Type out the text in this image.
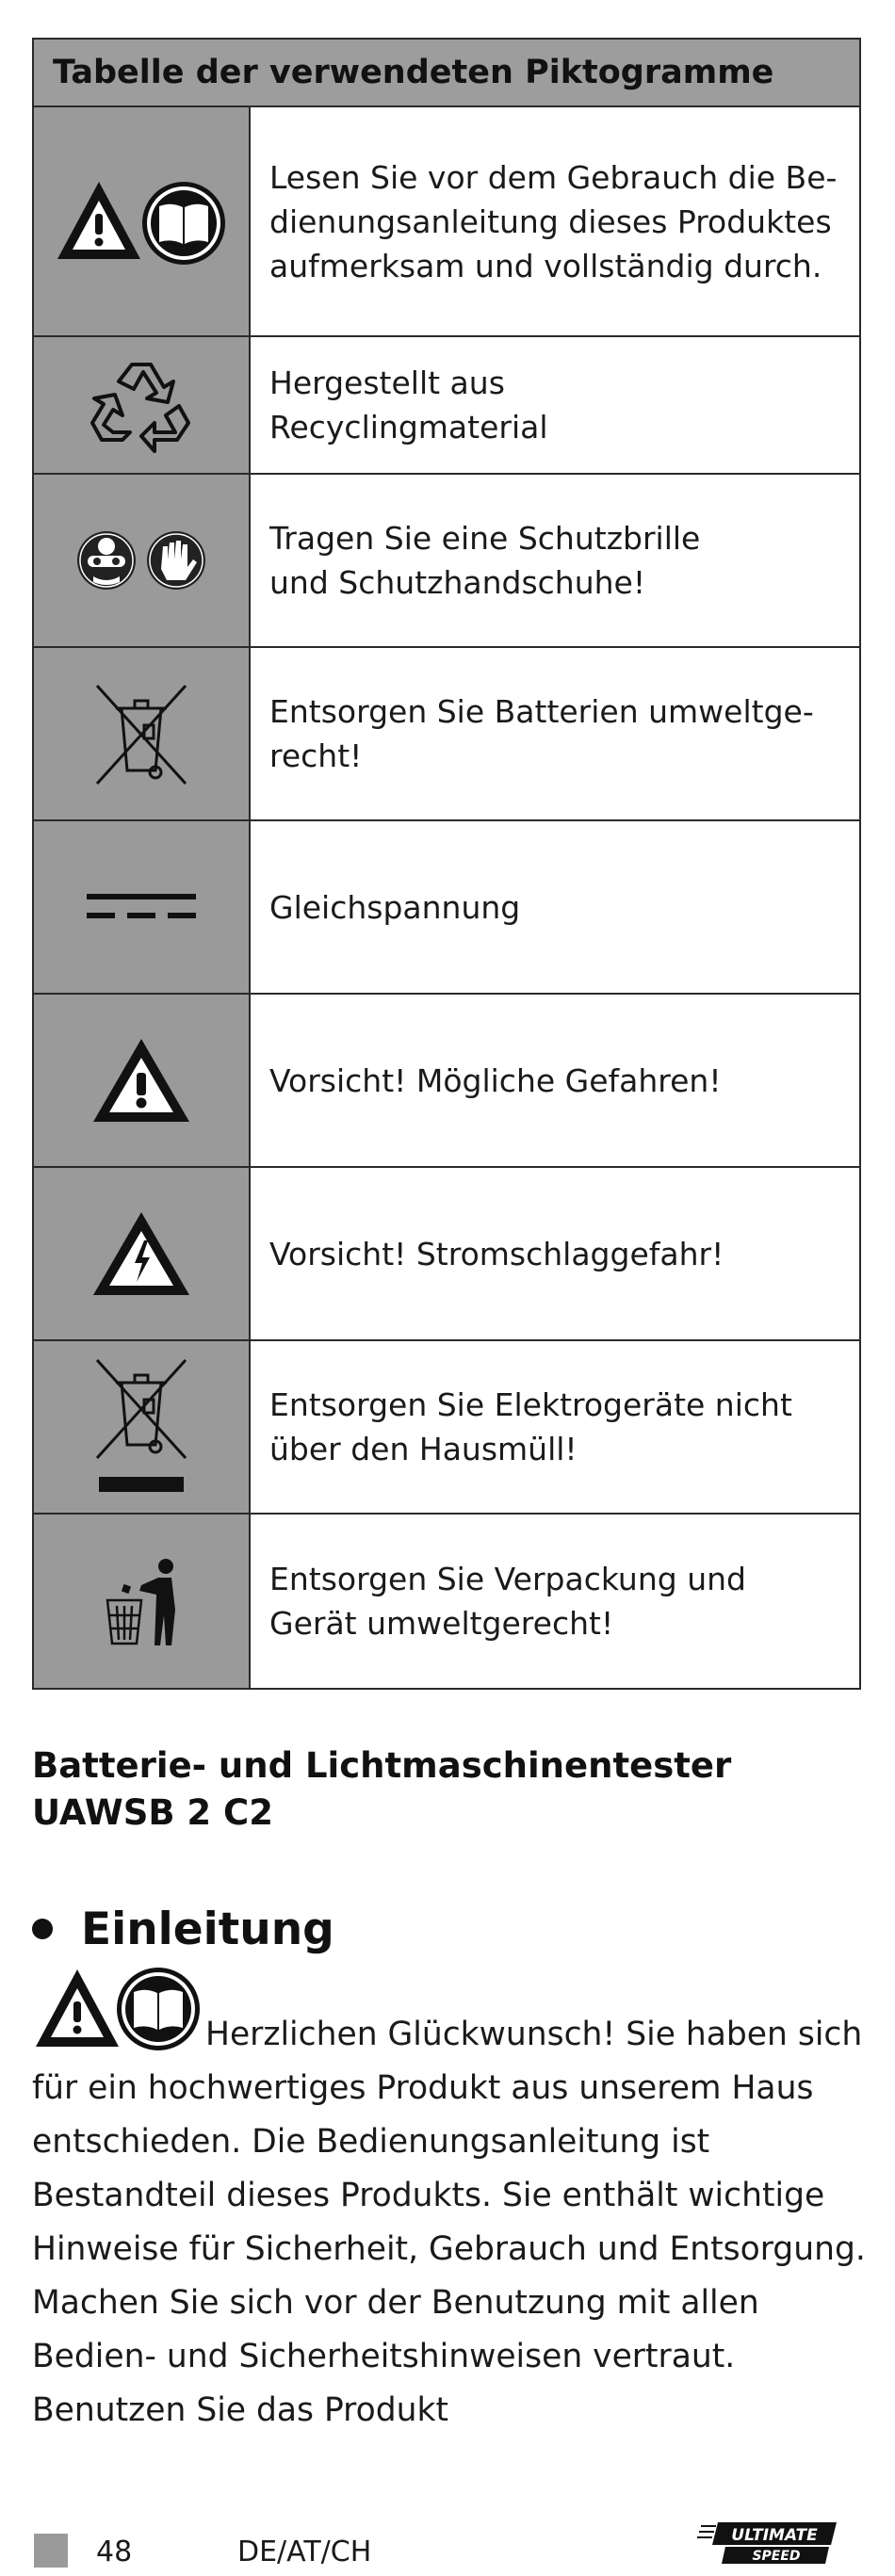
Tabelle der verwendeten Piktogramme
Lesen Sie vor dem Gebrauch die Be-
dienungsanleitung dieses Produktes
aufmerksam und vollständig durch.
Hergestellt aus
Recyclingmaterial
Tragen Sie eine Schutzbrille
und Schutzhandschuhe!
Entsorgen Sie Batterien umweltge-
recht!
Gleichspannung
Vorsicht! Mögliche Gefahren!
Vorsicht! Stromschlaggefahr!
Entsorgen Sie Elektrogeräte nicht
über den Hausmüll!
Entsorgen Sie Verpackung und
Gerät umweltgerecht!
Batterie- und Lichtmaschinentester
UAWSB 2 C2
Einleitung
Herzlichen Glückwunsch! Sie haben sich für ein hochwertiges Produkt aus unserem Haus entschieden. Die Bedienungsanleitung ist Bestandteil dieses Produkts. Sie enthält wichtige Hinweise für Sicherheit, Gebrauch und Entsorgung. Machen Sie sich vor der Benutzung mit allen Bedien- und Sicherheitshinweisen vertraut. Benutzen Sie das Produkt
48	DE/AT/CH	ULTIMATE
SPEED
